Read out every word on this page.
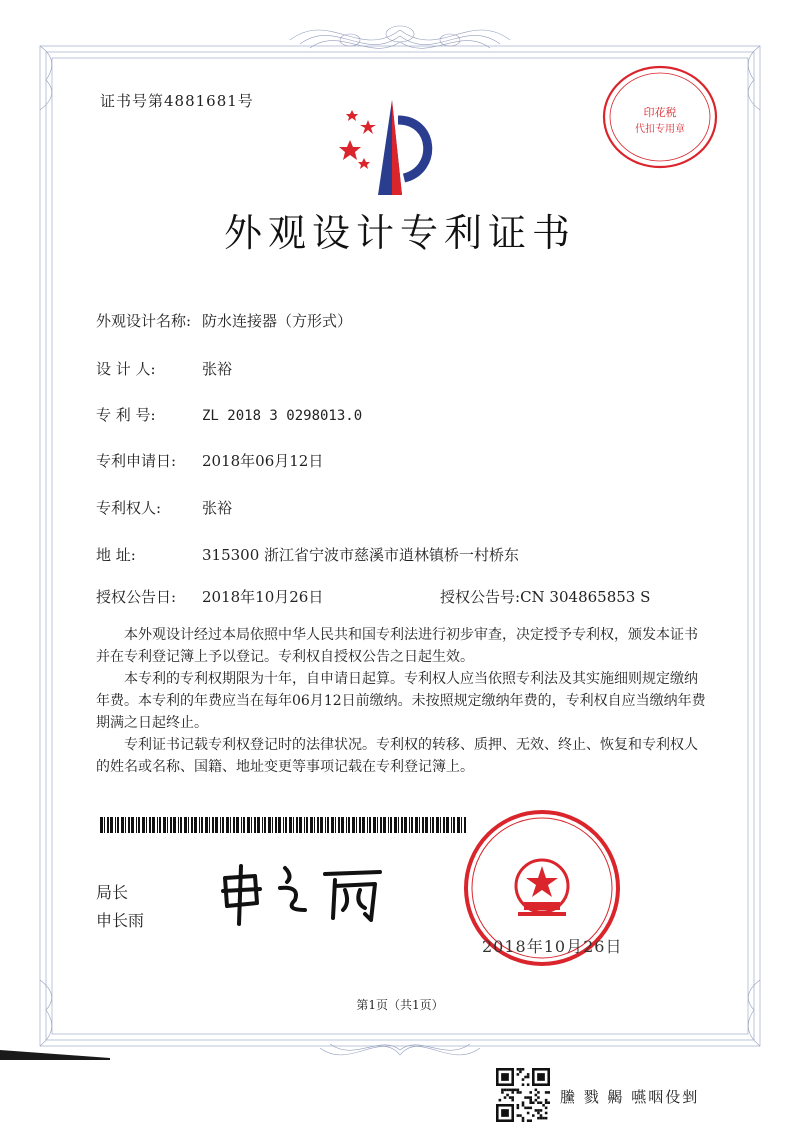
印花税
代扣专用章
证书号第4881681号
外观设计专利证书
外观设计名称: 防水连接器（方形式）
设 计 人:	张裕
专 利 号:	ZL 2018 3 0298013.0
专利申请日: 2018年06月12日
专利权人:	张裕
地 址:	315300 浙江省宁波市慈溪市逍林镇桥一村桥东
授权公告日: 2018年10月26日	授权公告号:CN 304865853 S

本外观设计经过本局依照中华人民共和国专利法进行初步审查，决定授予专利权，颁发本证书并在专利登记簿上予以登记。专利权自授权公告之日起生效。

本专利的专利权期限为十年，自申请日起算。专利权人应当依照专利法及其实施细则规定缴纳年费。本专利的年费应当在每年06月12日前缴纳。未按照规定缴纳年费的，专利权自应当缴纳年费期满之日起终止。

专利证书记载专利权登记时的法律状况。专利权的转移、质押、无效、终止、恢复和专利权人的姓名或名称、国籍、地址变更等事项记载在专利登记簿上。

局长
申长雨
2018年10月26日
第1页（共1页）
黱 戮 齃 嚥咽伇剉
